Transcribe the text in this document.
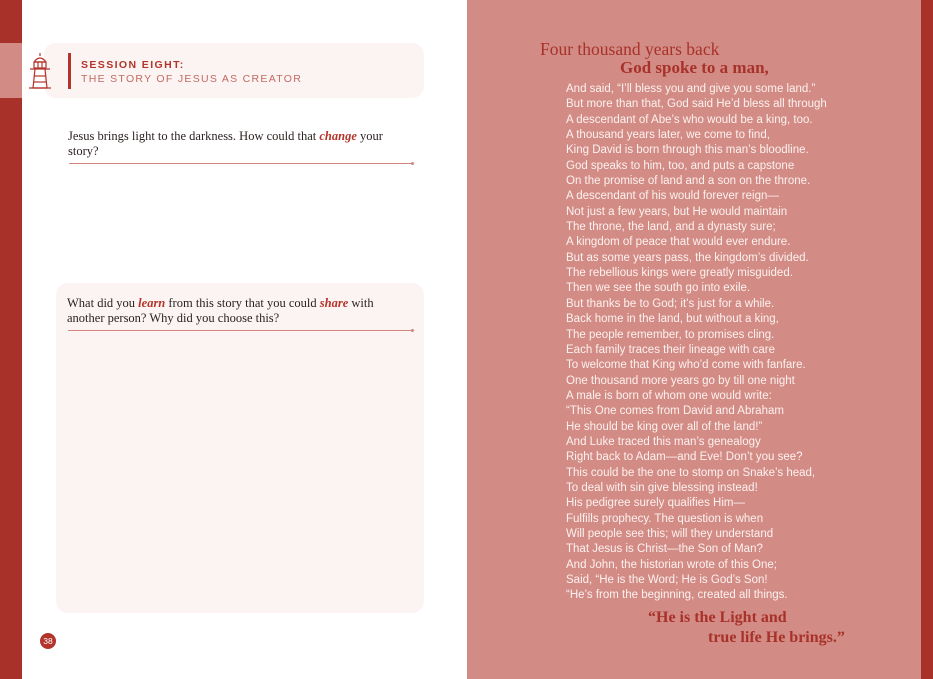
SESSION EIGHT:
THE STORY OF JESUS AS CREATOR
Jesus brings light to the darkness. How could that change your story?
What did you learn from this story that you could share with another person? Why did you choose this?
38
Four thousand years back
God spoke to a man,
And said, “I’ll bless you and give you some land.”
But more than that, God said He’d bless all through
A descendant of Abe’s who would be a king, too.
A thousand years later, we come to find,
King David is born through this man’s bloodline.
God speaks to him, too, and puts a capstone
On the promise of land and a son on the throne.
A descendant of his would forever reign—
Not just a few years, but He would maintain
The throne, the land, and a dynasty sure;
A kingdom of peace that would ever endure.
But as some years pass, the kingdom’s divided.
The rebellious kings were greatly misguided.
Then we see the south go into exile.
But thanks be to God; it’s just for a while.
Back home in the land, but without a king,
The people remember, to promises cling.
Each family traces their lineage with care
To welcome that King who’d come with fanfare.
One thousand more years go by till one night
A male is born of whom one would write:
“This One comes from David and Abraham
He should be king over all of the land!”
And Luke traced this man’s genealogy
Right back to Adam—and Eve! Don’t you see?
This could be the one to stomp on Snake’s head,
To deal with sin give blessing instead!
His pedigree surely qualifies Him—
Fulfills prophecy. The question is when
Will people see this; will they understand
That Jesus is Christ—the Son of Man?
And John, the historian wrote of this One;
Said, “He is the Word; He is God’s Son!
“He’s from the beginning, created all things.
“He is the Light and
true life He brings.”
